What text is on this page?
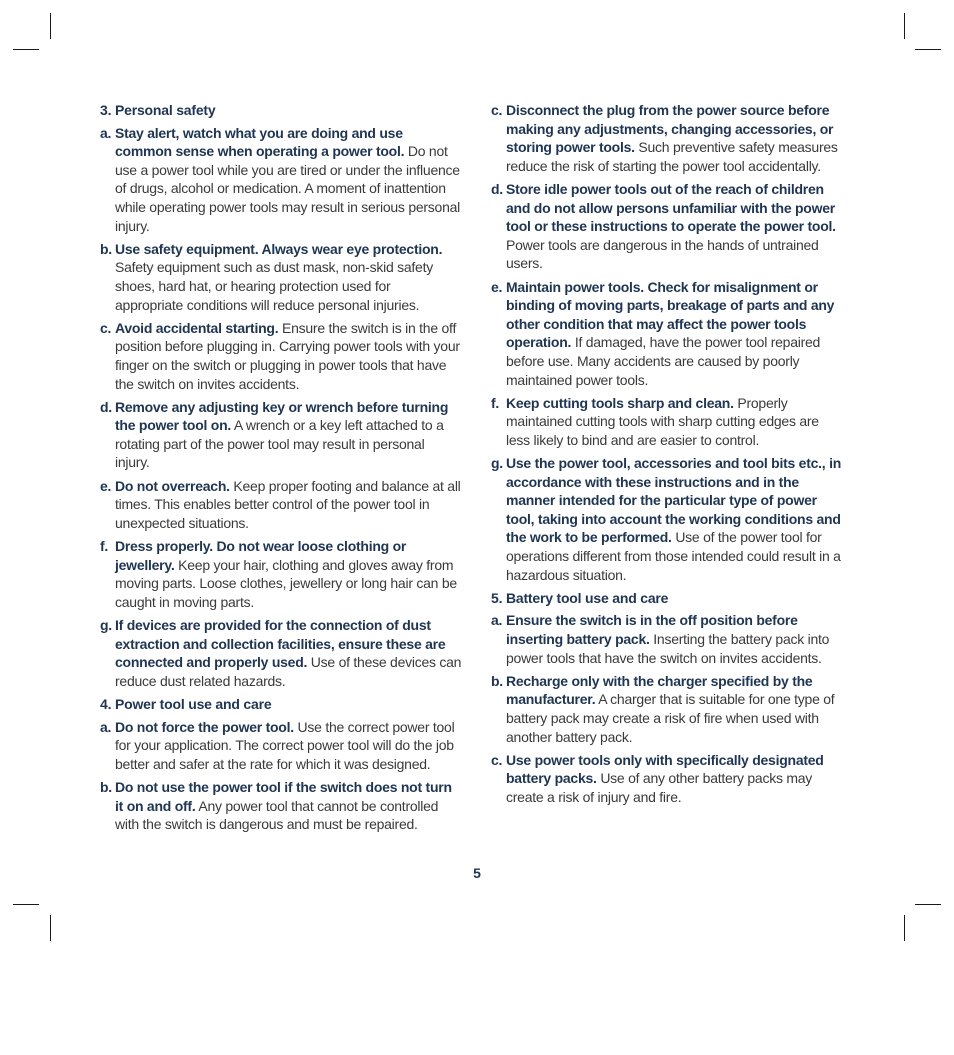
3. Personal safety
a. Stay alert, watch what you are doing and use common sense when operating a power tool. Do not use a power tool while you are tired or under the influence of drugs, alcohol or medication. A moment of inattention while operating power tools may result in serious personal injury.
b. Use safety equipment. Always wear eye protection. Safety equipment such as dust mask, non-skid safety shoes, hard hat, or hearing protection used for appropriate conditions will reduce personal injuries.
c. Avoid accidental starting. Ensure the switch is in the off position before plugging in. Carrying power tools with your finger on the switch or plugging in power tools that have the switch on invites accidents.
d. Remove any adjusting key or wrench before turning the power tool on. A wrench or a key left attached to a rotating part of the power tool may result in personal injury.
e. Do not overreach. Keep proper footing and balance at all times. This enables better control of the power tool in unexpected situations.
f. Dress properly. Do not wear loose clothing or jewellery. Keep your hair, clothing and gloves away from moving parts. Loose clothes, jewellery or long hair can be caught in moving parts.
g. If devices are provided for the connection of dust extraction and collection facilities, ensure these are connected and properly used. Use of these devices can reduce dust related hazards.
4. Power tool use and care
a. Do not force the power tool. Use the correct power tool for your application. The correct power tool will do the job better and safer at the rate for which it was designed.
b. Do not use the power tool if the switch does not turn it on and off. Any power tool that cannot be controlled with the switch is dangerous and must be repaired.
c. Disconnect the plug from the power source before making any adjustments, changing accessories, or storing power tools. Such preventive safety measures reduce the risk of starting the power tool accidentally.
d. Store idle power tools out of the reach of children and do not allow persons unfamiliar with the power tool or these instructions to operate the power tool. Power tools are dangerous in the hands of untrained users.
e. Maintain power tools. Check for misalignment or binding of moving parts, breakage of parts and any other condition that may affect the power tools operation. If damaged, have the power tool repaired before use. Many accidents are caused by poorly maintained power tools.
f. Keep cutting tools sharp and clean. Properly maintained cutting tools with sharp cutting edges are less likely to bind and are easier to control.
g. Use the power tool, accessories and tool bits etc., in accordance with these instructions and in the manner intended for the particular type of power tool, taking into account the working conditions and the work to be performed. Use of the power tool for operations different from those intended could result in a hazardous situation.
5. Battery tool use and care
a. Ensure the switch is in the off position before inserting battery pack. Inserting the battery pack into power tools that have the switch on invites accidents.
b. Recharge only with the charger specified by the manufacturer. A charger that is suitable for one type of battery pack may create a risk of fire when used with another battery pack.
c. Use power tools only with specifically designated battery packs. Use of any other battery packs may create a risk of injury and fire.
5
